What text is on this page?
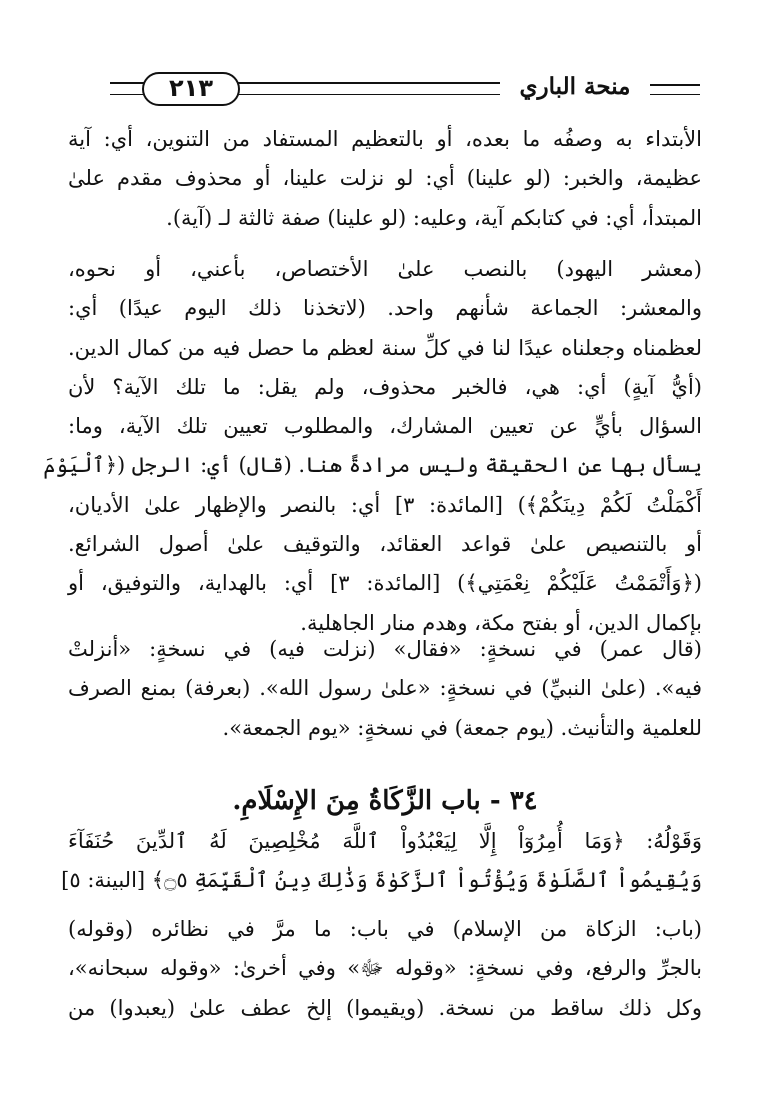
٢١٣	منحة الباري
الأبتداء به وصفُه ما بعده، أو بالتعظيم المستفاد من التنوين، أي: آية
عظيمة، والخبر: (لو علينا) أي: لو نزلت علينا، أو محذوف مقدم علىٰ
المبتدأ، أي: في كتابكم آية، وعليه: (لو علينا) صفة ثالثة لـ (آية).
(معشر اليهود) بالنصب علىٰ الأختصاص، بأعني، أو نحوه،
والمعشر: الجماعة شأنهم واحد. (لاتخذنا ذلك اليوم عيدًا) أي:
لعظمناه وجعلناه عيدًا لنا في كلِّ سنة لعظم ما حصل فيه من كمال الدين.
(أيُّ آيةٍ) أي: هي، فالخبر محذوف، ولم يقل: ما تلك الآية؟ لأن
السؤال بأيٍّ عن تعيين المشارك، والمطلوب تعيين تلك الآية، وما:
يسأل بها عن الحقيقة وليس مرادةً هنا. (قال) أي: الرجل (﴿ٱلْيَوْمَ
أَكْمَلْتُ لَكُمْ دِينَكُمْ﴾) [المائدة: ٣] أي: بالنصر والإظهار علىٰ الأديان،
أو بالتنصيص علىٰ قواعد العقائد، والتوقيف علىٰ أصول الشرائع.
(﴿وَأَتْمَمْتُ عَلَيْكُمْ نِعْمَتِي﴾) [المائدة: ٣] أي: بالهداية، والتوفيق، أو
بإكمال الدين، أو بفتح مكة، وهدم منار الجاهلية.
(قال عمر) في نسخةٍ: «فقال» (نزلت فيه) في نسخةٍ: «أنزلتْ
فيه». (علىٰ النبيِّ) في نسخةٍ: «علىٰ رسول الله». (بعرفة) بمنع الصرف
للعلمية والتأنيث. (يوم جمعة) في نسخةٍ: «يوم الجمعة».
٣٤ - باب الزَّكَاةُ مِنَ الإِسْلَامِ.
وَقَوْلُهُ: ﴿وَمَا أُمِرُوٓاْ إِلَّا لِيَعْبُدُواْ ٱللَّهَ مُخْلِصِينَ لَهُ ٱلدِّينَ حُنَفَآءَ
وَيُقِيمُواْ ٱلصَّلَوٰةَ وَيُؤْتُواْ ٱلزَّكَوٰةَ وَذَٰلِكَ دِينُ ٱلْقَيِّمَةِ ۝٥﴾ [البينة: ٥]
(باب: الزكاة من الإسلام) في باب: ما مرَّ في نظائره (وقوله)
بالجرِّ والرفع، وفي نسخةٍ: «وقوله ﷻ» وفي أخرىٰ: «وقوله سبحانه»،
وكل ذلك ساقط من نسخة. (ويقيموا) إلخ عطف علىٰ (يعبدوا) من
